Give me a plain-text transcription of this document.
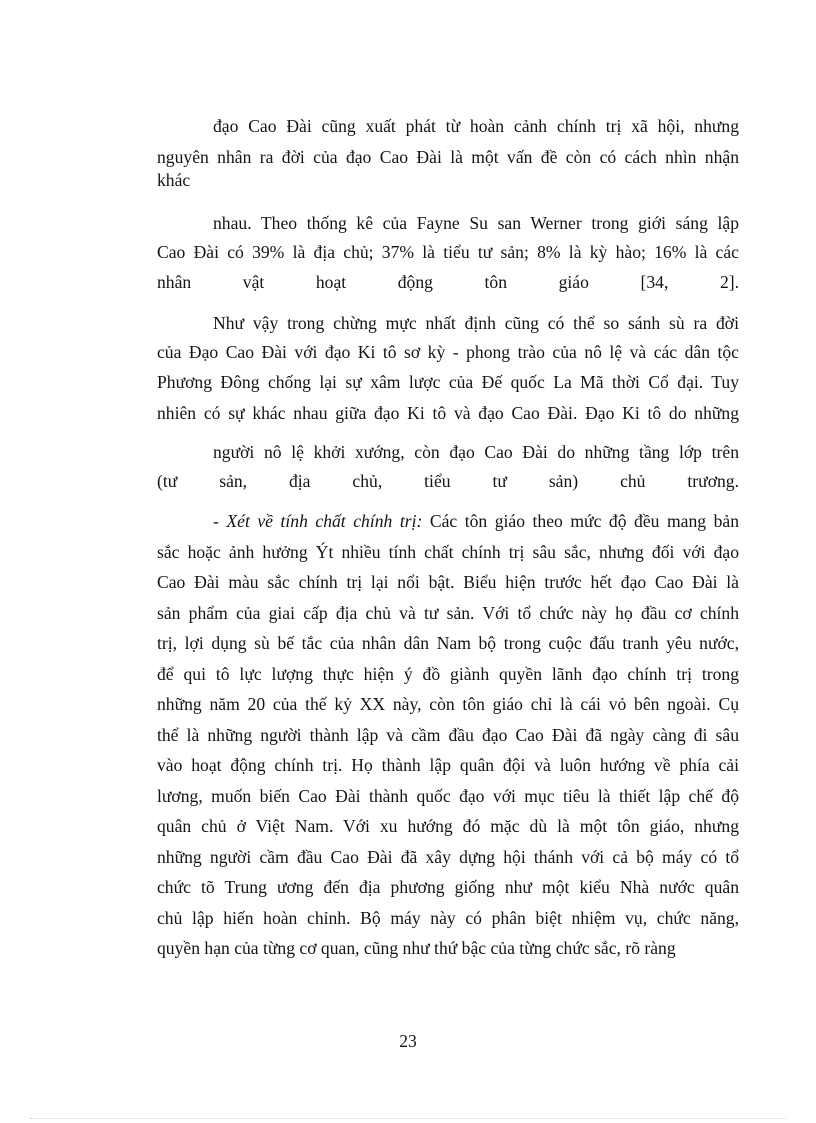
đạo Cao Đài cũng xuất phát từ hoàn cảnh chính trị xã hội, nhưng
nguyên nhân ra đời của đạo Cao Đài là một vấn đề còn có cách nhìn nhận
khác
nhau. Theo thống kê của Fayne Su san Werner trong giới sáng lập
Cao Đài có 39% là địa chủ; 37% là tiểu tư sản; 8% là kỳ hào; 16% là các
nhân vật hoạt động tôn giáo [34, 2].
Như vậy trong chừng mực nhất định cũng có thể so sánh sù ra đời
của Đạo Cao Đài với đạo Ki tô sơ kỳ - phong trào của nô lệ và các dân tộc
Phương Đông chống lại sự xâm lược của Đế quốc La Mã thời Cổ đại. Tuy
nhiên có sự khác nhau giữa đạo Ki tô và đạo Cao Đài. Đạo Ki tô do những
người nô lệ khởi xướng, còn đạo Cao Đài do những tầng lớp trên
(tư sản, địa chủ, tiểu tư sản) chủ trương.
- Xét về tính chất chính trị: Các tôn giáo theo mức độ đều mang bản
sắc hoặc ảnh hưởng Ýt nhiều tính chất chính trị sâu sắc, nhưng đối với đạo
Cao Đài màu sắc chính trị lại nổi bật. Biểu hiện trước hết đạo Cao Đài là
sản phẩm của giai cấp địa chủ và tư sản. Với tổ chức này họ đầu cơ chính
trị, lợi dụng sù bế tắc của nhân dân Nam bộ trong cuộc đấu tranh yêu nước,
để qui tô lực lượng thực hiện ý đồ giành quyền lãnh đạo chính trị trong
những năm 20 của thế kỷ XX này, còn tôn giáo chỉ là cái vỏ bên ngoài. Cụ
thể là những người thành lập và cầm đầu đạo Cao Đài đã ngày càng đi sâu
vào hoạt động chính trị. Họ thành lập quân đội và luôn hướng về phía cải
lương, muốn biến Cao Đài thành quốc đạo với mục tiêu là thiết lập chế độ
quân chủ ở Việt Nam. Với xu hướng đó mặc dù là một tôn giáo, nhưng
những người cầm đầu Cao Đài đã xây dựng hội thánh với cả bộ máy có tổ
chức tõ Trung ương đến địa phương giống như một kiểu Nhà nước quân
chủ lập hiến hoàn chỉnh. Bộ máy này có phân biệt nhiệm vụ, chức năng,
quyền hạn của từng cơ quan, cũng như thứ bậc của từng chức sắc, rõ ràng
23
